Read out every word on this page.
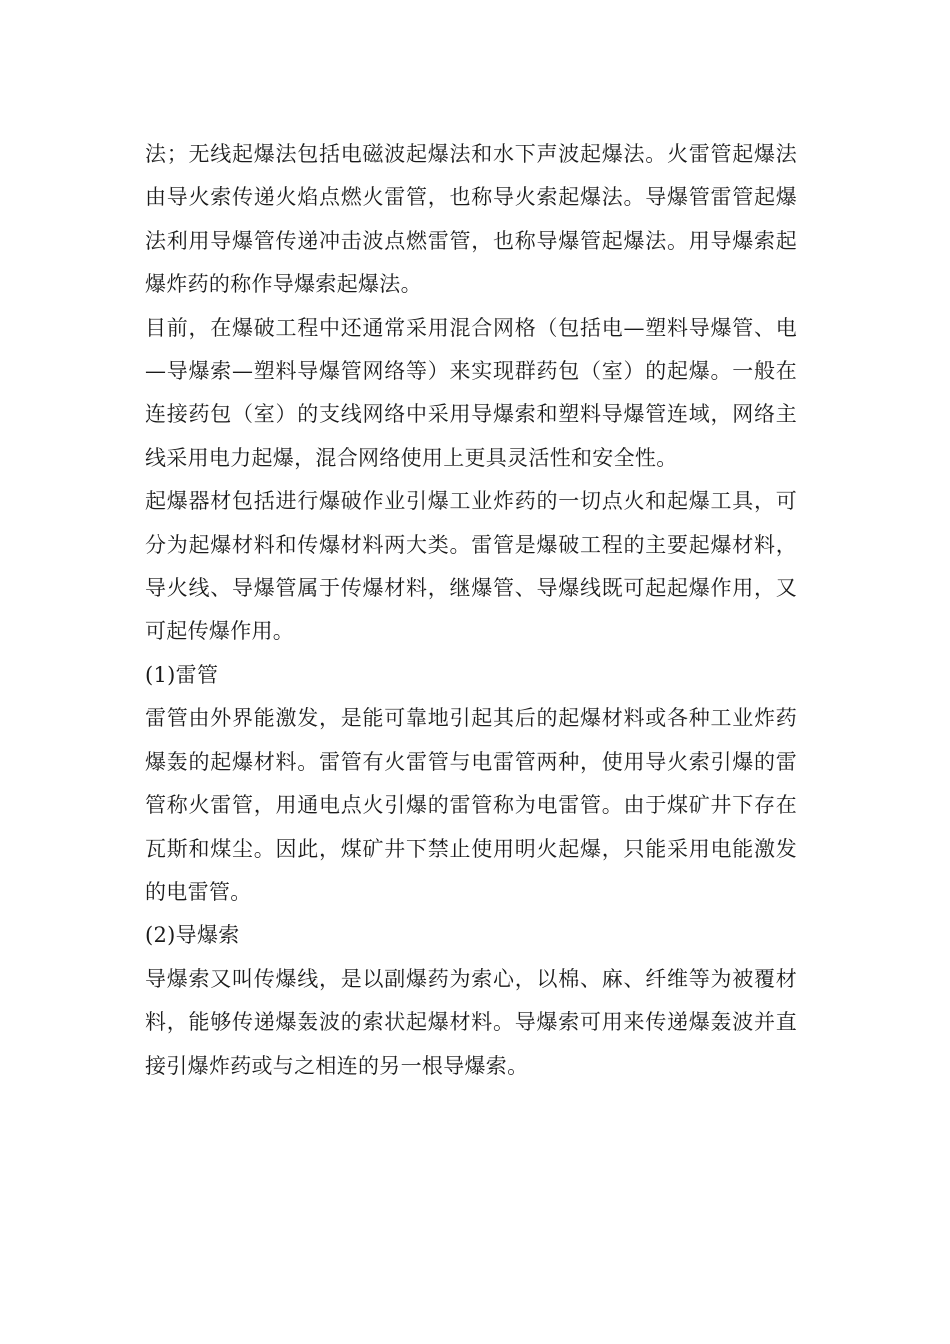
法；无线起爆法包括电磁波起爆法和水下声波起爆法。火雷管起爆法由导火索传递火焰点燃火雷管，也称导火索起爆法。导爆管雷管起爆法利用导爆管传递冲击波点燃雷管，也称导爆管起爆法。用导爆索起爆炸药的称作导爆索起爆法。

目前，在爆破工程中还通常采用混合网格（包括电—塑料导爆管、电—导爆索—塑料导爆管网络等）来实现群药包（室）的起爆。一般在连接药包（室）的支线网络中采用导爆索和塑料导爆管连域，网络主线采用电力起爆，混合网络使用上更具灵活性和安全性。

起爆器材包括进行爆破作业引爆工业炸药的一切点火和起爆工具，可分为起爆材料和传爆材料两大类。雷管是爆破工程的主要起爆材料，导火线、导爆管属于传爆材料，继爆管、导爆线既可起起爆作用，又可起传爆作用。

(1)雷管

雷管由外界能激发，是能可靠地引起其后的起爆材料或各种工业炸药爆轰的起爆材料。雷管有火雷管与电雷管两种，使用导火索引爆的雷管称火雷管，用通电点火引爆的雷管称为电雷管。由于煤矿井下存在瓦斯和煤尘。因此，煤矿井下禁止使用明火起爆，只能采用电能激发的电雷管。

(2)导爆索

导爆索又叫传爆线，是以副爆药为索心，以棉、麻、纤维等为被覆材料，能够传递爆轰波的索状起爆材料。导爆索可用来传递爆轰波并直接引爆炸药或与之相连的另一根导爆索。
